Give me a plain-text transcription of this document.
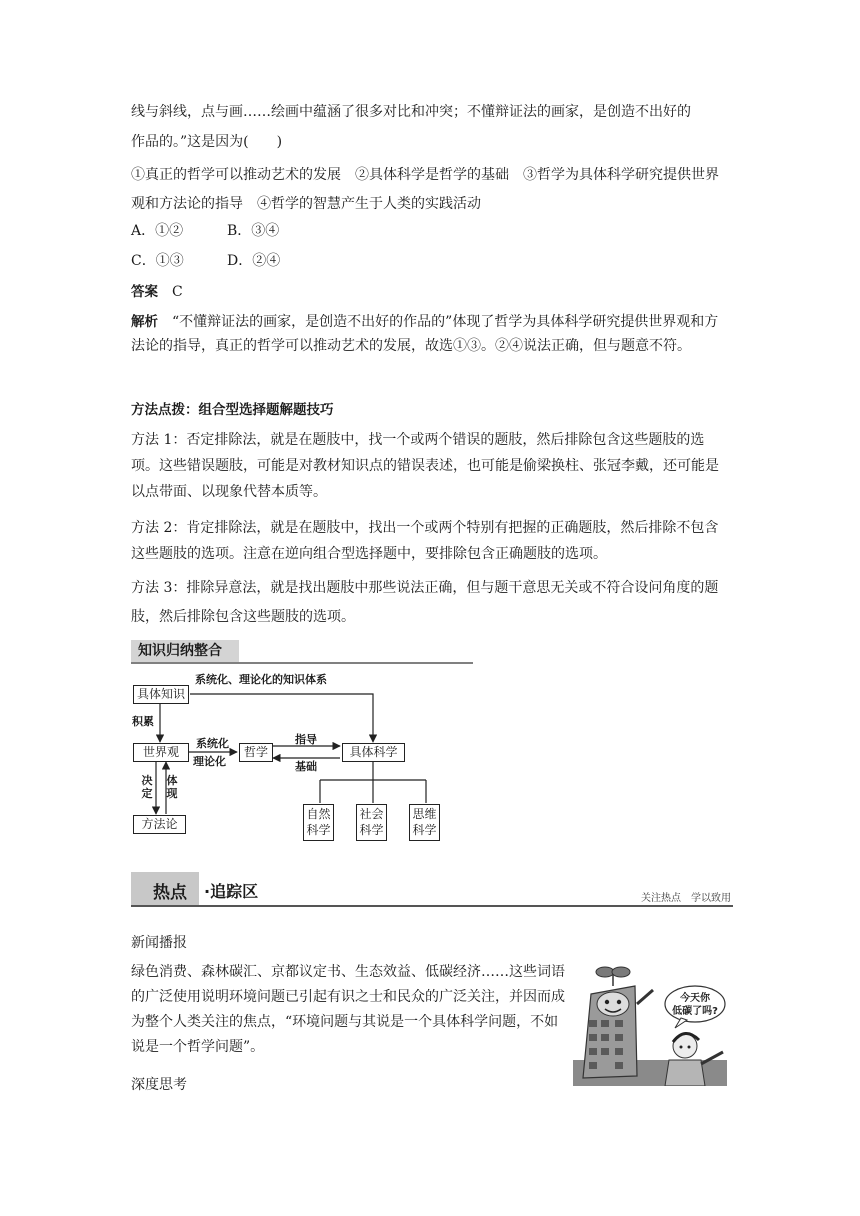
线与斜线，点与画……绘画中蕴涵了很多对比和冲突；不懂辩证法的画家，是创造不出好的
作品的。”这是因为(　　)

①真正的哲学可以推动艺术的发展　②具体科学是哲学的基础　③哲学为具体科学研究提供世界观和方法论的指导　④哲学的智慧产生于人类的实践活动

A．①②	B．③④
C．①③	D．②④
答案 C

解析　“不懂辩证法的画家，是创造不出好的作品的”体现了哲学为具体科学研究提供世界观和方法论的指导，真正的哲学可以推动艺术的发展，故选①③。②④说法正确，但与题意不符。

方法点拨：组合型选择题解题技巧

方法 1：否定排除法，就是在题肢中，找一个或两个错误的题肢，然后排除包含这些题肢的选项。这些错误题肢，可能是对教材知识点的错误表述，也可能是偷梁换柱、张冠李戴，还可能是以点带面、以现象代替本质等。

方法 2：肯定排除法，就是在题肢中，找出一个或两个特别有把握的正确题肢，然后排除不包含这些题肢的选项。注意在逆向组合型选择题中，要排除包含正确题肢的选项。

方法 3：排除异意法，就是找出题肢中那些说法正确，但与题干意思无关或不符合设问角度的题肢，然后排除包含这些题肢的选项。

知识归纳整合
具体知识
系统化、理论化的知识体系
积累
世界观
系统化
理论化
哲学
指导
基础
具体科学
决定
体现
方法论
自然科学
社会科学
思维科学
热点 ·追踪区	关注热点　学以致用
新闻播报

绿色消费、森林碳汇、京都议定书、生态效益、低碳经济……这些词语的广泛使用说明环境问题已引起有识之士和民众的广泛关注，并因而成为整个人类关注的焦点，“环境问题与其说是一个具体科学问题，不如说是一个哲学问题”。

深度思考
今天你
低碳了吗?
